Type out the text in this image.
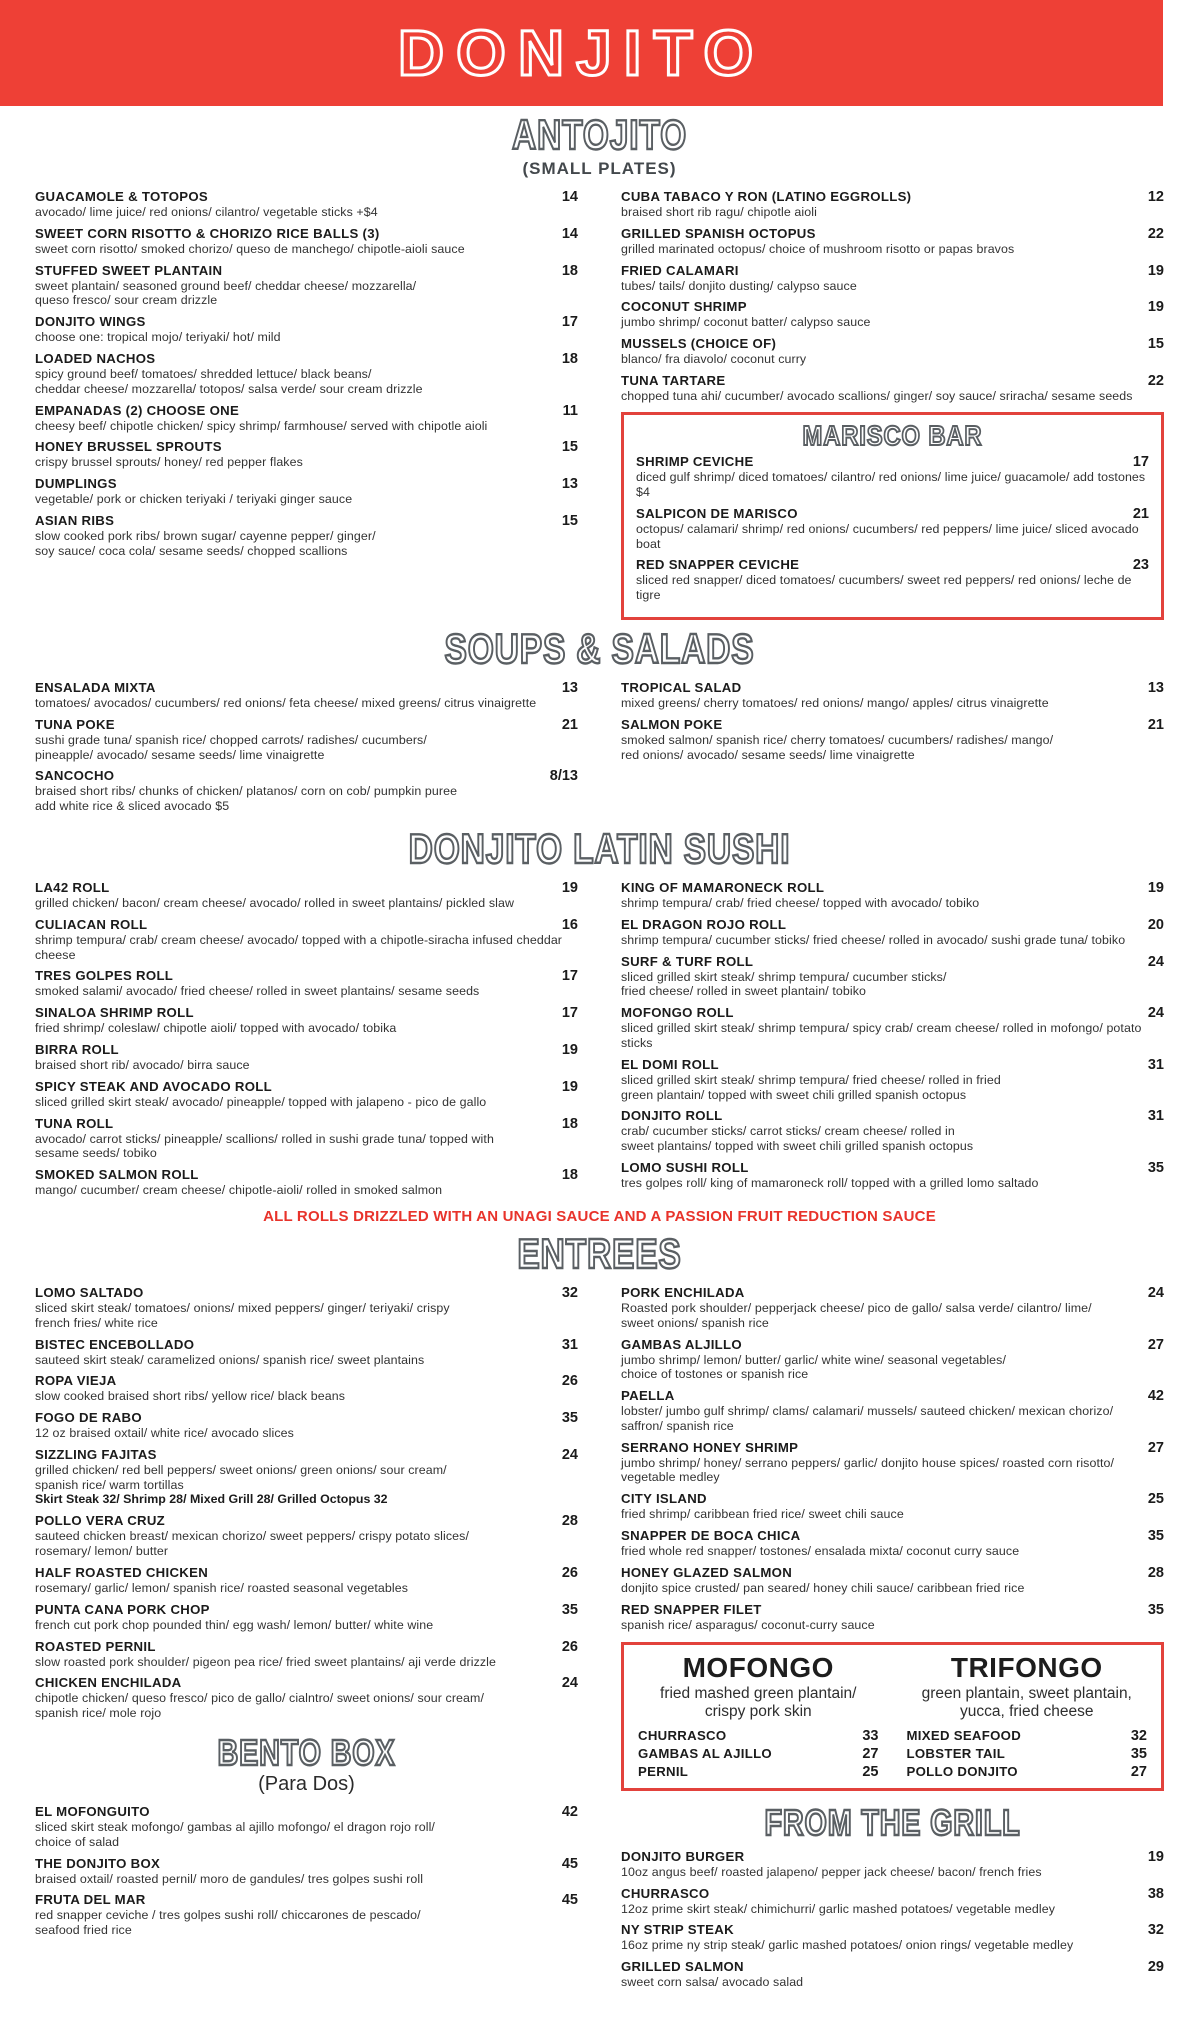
DONJITO
ANTOJITO
(SMALL PLATES)
GUACAMOLE & TOTOPOS	14
avocado/ lime juice/ red onions/ cilantro/ vegetable sticks +$4
SWEET CORN RISOTTO & CHORIZO RICE BALLS (3)	14
sweet corn risotto/ smoked chorizo/ queso de manchego/ chipotle-aioli sauce
STUFFED SWEET PLANTAIN	18
sweet plantain/ seasoned ground beef/ cheddar cheese/ mozzarella/
queso fresco/ sour cream drizzle
DONJITO WINGS	17
choose one: tropical mojo/ teriyaki/ hot/ mild
LOADED NACHOS	18
spicy ground beef/ tomatoes/ shredded lettuce/ black beans/
cheddar cheese/ mozzarella/ totopos/ salsa verde/ sour cream drizzle
EMPANADAS (2) CHOOSE ONE	11
cheesy beef/ chipotle chicken/ spicy shrimp/ farmhouse/ served with chipotle aioli
HONEY BRUSSEL SPROUTS	15
crispy brussel sprouts/ honey/ red pepper flakes
DUMPLINGS	13
vegetable/ pork or chicken teriyaki / teriyaki ginger sauce
ASIAN RIBS	15
slow cooked pork ribs/ brown sugar/ cayenne pepper/ ginger/
soy sauce/ coca cola/ sesame seeds/ chopped scallions
CUBA TABACO Y RON (LATINO EGGROLLS)	12
braised short rib ragu/ chipotle aioli
GRILLED SPANISH OCTOPUS	22
grilled marinated octopus/ choice of mushroom risotto or papas bravos
FRIED CALAMARI	19
tubes/ tails/ donjito dusting/ calypso sauce
COCONUT SHRIMP	19
jumbo shrimp/ coconut batter/ calypso sauce
MUSSELS (CHOICE OF)	15
blanco/ fra diavolo/ coconut curry
TUNA TARTARE	22
chopped tuna ahi/ cucumber/ avocado scallions/ ginger/ soy sauce/ sriracha/ sesame seeds
MARISCO BAR
SHRIMP CEVICHE	17
diced gulf shrimp/ diced tomatoes/ cilantro/ red onions/ lime juice/ guacamole/ add tostones $4
SALPICON DE MARISCO	21
octopus/ calamari/ shrimp/ red onions/ cucumbers/ red peppers/ lime juice/ sliced avocado boat
RED SNAPPER CEVICHE	23
sliced red snapper/ diced tomatoes/ cucumbers/ sweet red peppers/ red onions/ leche de tigre
SOUPS & SALADS
ENSALADA MIXTA	13
tomatoes/ avocados/ cucumbers/ red onions/ feta cheese/ mixed greens/ citrus vinaigrette
TUNA POKE	21
sushi grade tuna/ spanish rice/ chopped carrots/ radishes/ cucumbers/
pineapple/ avocado/ sesame seeds/ lime vinaigrette
SANCOCHO	8/13
braised short ribs/ chunks of chicken/ platanos/ corn on cob/ pumpkin puree
add white rice & sliced avocado $5
TROPICAL SALAD	13
mixed greens/ cherry tomatoes/ red onions/ mango/ apples/ citrus vinaigrette
SALMON POKE	21
smoked salmon/ spanish rice/ cherry tomatoes/ cucumbers/ radishes/ mango/
red onions/ avocado/ sesame seeds/ lime vinaigrette
DONJITO LATIN SUSHI
LA42 ROLL	19
grilled chicken/ bacon/ cream cheese/ avocado/ rolled in sweet plantains/ pickled slaw
CULIACAN ROLL	16
shrimp tempura/ crab/ cream cheese/ avocado/ topped with a chipotle-siracha infused cheddar cheese
TRES GOLPES ROLL	17
smoked salami/ avocado/ fried cheese/ rolled in sweet plantains/ sesame seeds
SINALOA SHRIMP ROLL	17
fried shrimp/ coleslaw/ chipotle aioli/ topped with avocado/ tobika
BIRRA ROLL	19
braised short rib/ avocado/ birra sauce
SPICY STEAK AND AVOCADO ROLL	19
sliced grilled skirt steak/ avocado/ pineapple/ topped with jalapeno - pico de gallo
TUNA ROLL	18
avocado/ carrot sticks/ pineapple/ scallions/ rolled in sushi grade tuna/ topped with
sesame seeds/ tobiko
SMOKED SALMON ROLL	18
mango/ cucumber/ cream cheese/ chipotle-aioli/ rolled in smoked salmon
KING OF MAMARONECK ROLL	19
shrimp tempura/ crab/ fried cheese/ topped with avocado/ tobiko
EL DRAGON ROJO ROLL	20
shrimp tempura/ cucumber sticks/ fried cheese/ rolled in avocado/ sushi grade tuna/ tobiko
SURF & TURF ROLL	24
sliced grilled skirt steak/ shrimp tempura/ cucumber sticks/
fried cheese/ rolled in sweet plantain/ tobiko
MOFONGO ROLL	24
sliced grilled skirt steak/ shrimp tempura/ spicy crab/ cream cheese/ rolled in mofongo/ potato sticks
EL DOMI ROLL	31
sliced grilled skirt steak/ shrimp tempura/ fried cheese/ rolled in fried
green plantain/ topped with sweet chili grilled spanish octopus
DONJITO ROLL	31
crab/ cucumber sticks/ carrot sticks/ cream cheese/ rolled in
sweet plantains/ topped with sweet chili grilled spanish octopus
LOMO SUSHI ROLL	35
tres golpes roll/ king of mamaroneck roll/ topped with a grilled lomo saltado
ALL ROLLS DRIZZLED WITH AN UNAGI SAUCE AND A PASSION FRUIT REDUCTION SAUCE
ENTREES
LOMO SALTADO	32
sliced skirt steak/ tomatoes/ onions/ mixed peppers/ ginger/ teriyaki/ crispy
french fries/ white rice
BISTEC ENCEBOLLADO	31
sauteed skirt steak/ caramelized onions/ spanish rice/ sweet plantains
ROPA VIEJA	26
slow cooked braised short ribs/ yellow rice/ black beans
FOGO DE RABO	35
12 oz braised oxtail/ white rice/ avocado slices
SIZZLING FAJITAS	24
grilled chicken/ red bell peppers/ sweet onions/ green onions/ sour cream/
spanish rice/ warm tortillas
Skirt Steak 32/ Shrimp 28/ Mixed Grill 28/ Grilled Octopus 32
POLLO VERA CRUZ	28
sauteed chicken breast/ mexican chorizo/ sweet peppers/ crispy potato slices/
rosemary/ lemon/ butter
HALF ROASTED CHICKEN	26
rosemary/ garlic/ lemon/ spanish rice/ roasted seasonal vegetables
PUNTA CANA PORK CHOP	35
french cut pork chop pounded thin/ egg wash/ lemon/ butter/ white wine
ROASTED PERNIL	26
slow roasted pork shoulder/ pigeon pea rice/ fried sweet plantains/ aji verde drizzle
CHICKEN ENCHILADA	24
chipotle chicken/ queso fresco/ pico de gallo/ cialntro/ sweet onions/ sour cream/
spanish rice/ mole rojo
BENTO BOX
(Para Dos)
EL MOFONGUITO	42
sliced skirt steak mofongo/ gambas al ajillo mofongo/ el dragon rojo roll/
choice of salad
THE DONJITO BOX	45
braised oxtail/ roasted pernil/ moro de gandules/ tres golpes sushi roll
FRUTA DEL MAR	45
red snapper ceviche / tres golpes sushi roll/ chiccarones de pescado/
seafood fried rice
PORK ENCHILADA	24
Roasted pork shoulder/ pepperjack cheese/ pico de gallo/ salsa verde/ cilantro/ lime/
sweet onions/ spanish rice
GAMBAS ALJILLO	27
jumbo shrimp/ lemon/ butter/ garlic/ white wine/ seasonal vegetables/
choice of tostones or spanish rice
PAELLA	42
lobster/ jumbo gulf shrimp/ clams/ calamari/ mussels/ sauteed chicken/ mexican chorizo/
saffron/ spanish rice
SERRANO HONEY SHRIMP	27
jumbo shrimp/ honey/ serrano peppers/ garlic/ donjito house spices/ roasted corn risotto/
vegetable medley
CITY ISLAND	25
fried shrimp/ caribbean fried rice/ sweet chili sauce
SNAPPER DE BOCA CHICA	35
fried whole red snapper/ tostones/ ensalada mixta/ coconut curry sauce
HONEY GLAZED SALMON	28
donjito spice crusted/ pan seared/ honey chili sauce/ caribbean fried rice
RED SNAPPER FILET	35
spanish rice/ asparagus/ coconut-curry sauce
MOFONGO
fried mashed green plantain/ crispy pork skin
CHURRASCO	33
GAMBAS AL AJILLO	27
PERNIL	25
TRIFONGO
green plantain, sweet plantain, yucca, fried cheese
MIXED SEAFOOD	32
LOBSTER TAIL	35
POLLO DONJITO	27
FROM THE GRILL
DONJITO BURGER	19
10oz angus beef/ roasted jalapeno/ pepper jack cheese/ bacon/ french fries
CHURRASCO	38
12oz prime skirt steak/ chimichurri/ garlic mashed potatoes/ vegetable medley
NY STRIP STEAK	32
16oz prime ny strip steak/ garlic mashed potatoes/ onion rings/ vegetable medley
GRILLED SALMON	29
sweet corn salsa/ avocado salad
